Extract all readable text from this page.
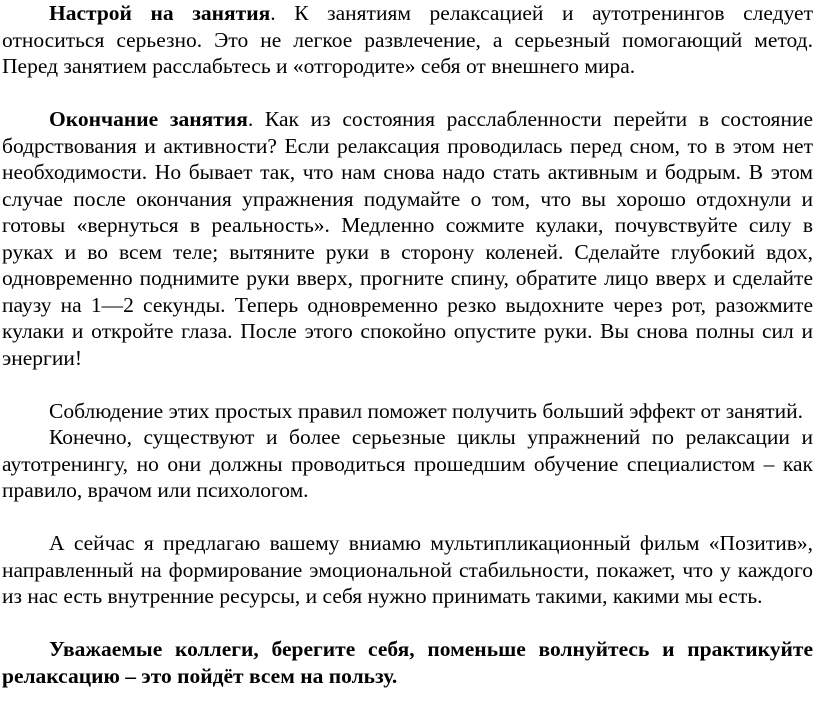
Настрой на занятия. К занятиям релаксацией и аутотренингов следует относиться серьезно. Это не легкое развлечение, а серьезный помогающий метод. Перед занятием расслабьтесь и «отгородите» себя от внешнего мира.

Окончание занятия. Как из состояния расслабленности перейти в состояние бодрствования и активности? Если релаксация проводилась перед сном, то в этом нет необходимости. Но бывает так, что нам снова надо стать активным и бодрым. В этом случае после окончания упражнения подумайте о том, что вы хорошо отдохнули и готовы «вернуться в реальность». Медленно сожмите кулаки, почувствуйте силу в руках и во всем теле; вытяните руки в сторону коленей. Сделайте глубокий вдох, одновременно поднимите руки вверх, прогните спину, обратите лицо вверх и сделайте паузу на 1—2 секунды. Теперь одновременно резко выдохните через рот, разожмите кулаки и откройте глаза. После этого спокойно опустите руки. Вы снова полны сил и энергии!

Соблюдение этих простых правил поможет получить больший эффект от занятий.

Конечно, существуют и более серьезные циклы упражнений по релаксации и аутотренингу, но они должны проводиться прошедшим обучение специалистом – как правило, врачом или психологом.

А сейчас я предлагаю вашему вниамю мультипликационный фильм «Позитив», направленный на формирование эмоциональной стабильности, покажет, что у каждого из нас есть внутренние ресурсы, и себя нужно принимать такими, какими мы есть.

Уважаемые коллеги, берегите себя, поменьше волнуйтесь и практикуйте релаксацию – это пойдёт всем на пользу.
